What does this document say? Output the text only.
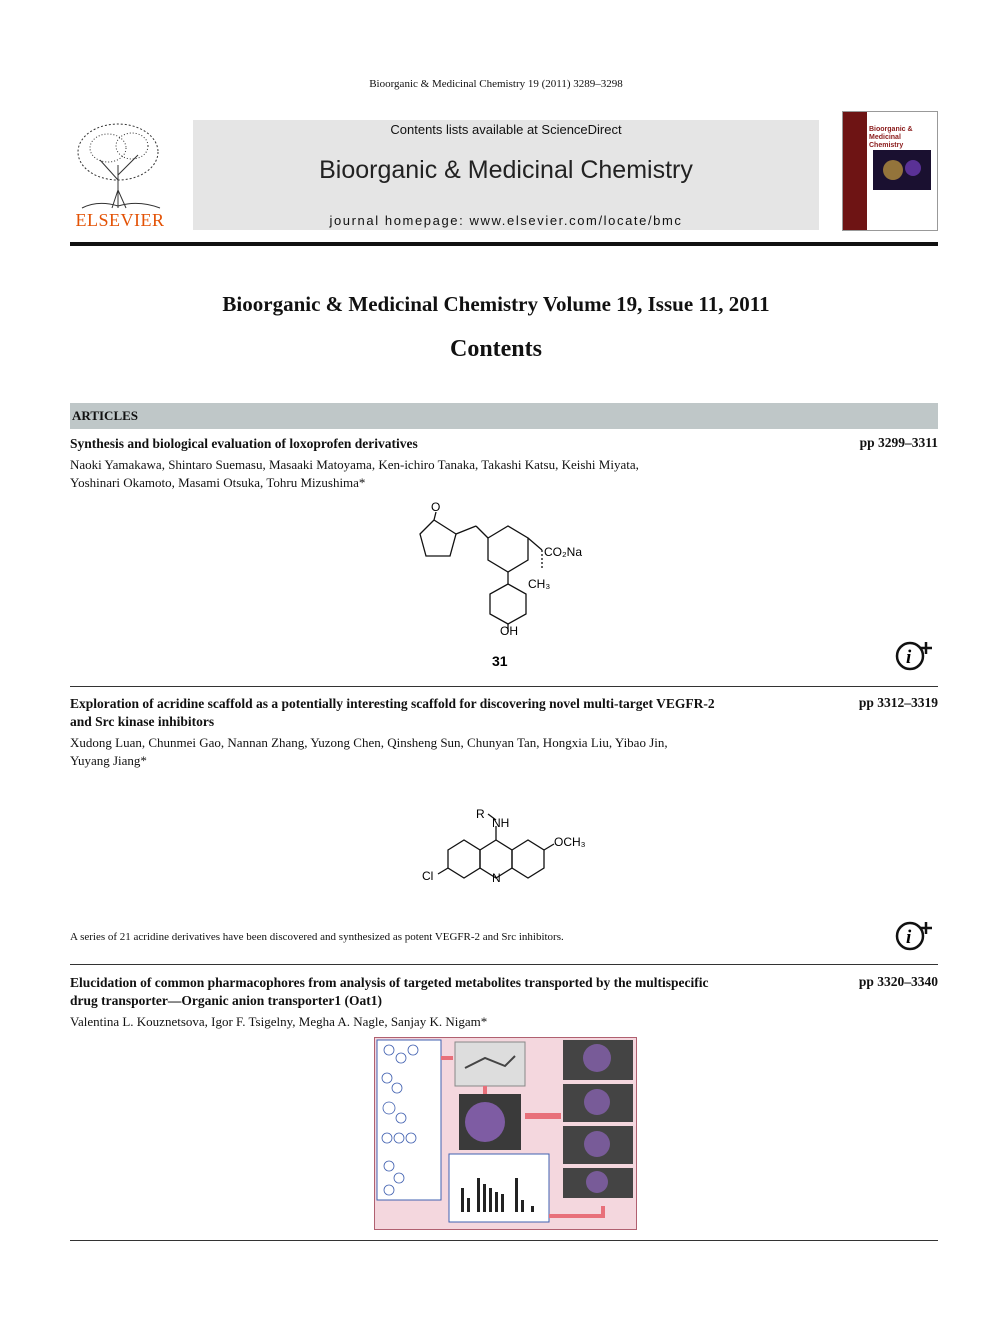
Bioorganic & Medicinal Chemistry 19 (2011) 3289–3298
ELSEVIER
Contents lists available at ScienceDirect
Bioorganic & Medicinal Chemistry
journal homepage: www.elsevier.com/locate/bmc
Bioorganic & Medicinal Chemistry
Bioorganic & Medicinal Chemistry Volume 19, Issue 11, 2011
Contents
ARTICLES
Synthesis and biological evaluation of loxoprofen derivatives	pp 3299–3311
Naoki Yamakawa, Shintaro Suemasu, Masaaki Matoyama, Ken-ichiro Tanaka, Takashi Katsu, Keishi Miyata,
Yoshinari Okamoto, Masami Otsuka, Tohru Mizushima*
O
CO₂Na
CH₃
OH
31	i
Exploration of acridine scaffold as a potentially interesting scaffold for discovering novel multi-target VEGFR-2
and Src kinase inhibitors
pp 3312–3319
Xudong Luan, Chunmei Gao, Nannan Zhang, Yuzong Chen, Qinsheng Sun, Chunyan Tan, Hongxia Liu, Yibao Jin,
Yuyang Jiang*
R
NH
OCH₃
Cl	N
A series of 21 acridine derivatives have been discovered and synthesized as potent VEGFR-2 and Src inhibitors.	i
Elucidation of common pharmacophores from analysis of targeted metabolites transported by the multispecific
drug transporter—Organic anion transporter1 (Oat1)
pp 3320–3340
Valentina L. Kouznetsova, Igor F. Tsigelny, Megha A. Nagle, Sanjay K. Nigam*
